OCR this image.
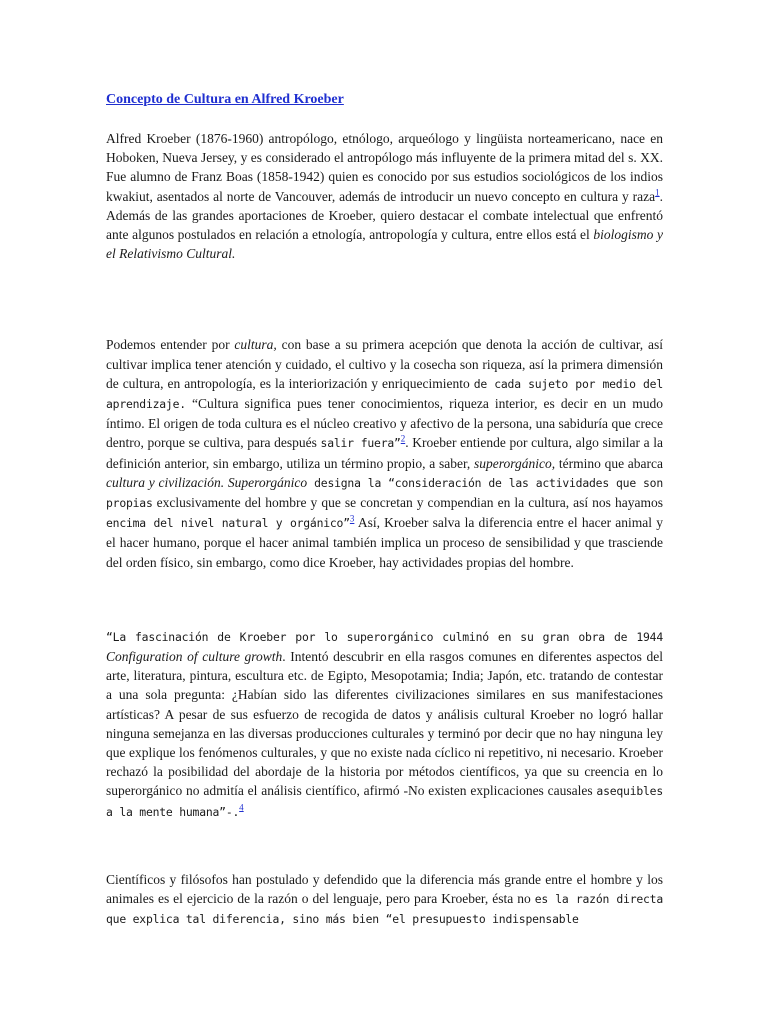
Concepto de Cultura en Alfred Kroeber

Alfred Kroeber (1876-1960) antropólogo, etnólogo, arqueólogo y lingüista norteamericano, nace en Hoboken, Nueva Jersey, y es considerado el antropólogo más influyente de la primera mitad del s. XX. Fue alumno de Franz Boas (1858-1942) quien es conocido por sus estudios sociológicos de los indios kwakiut, asentados al norte de Vancouver, además de introducir un nuevo concepto en cultura y raza$^1$. Además de las grandes aportaciones de Kroeber, quiero destacar el combate intelectual que enfrentó ante algunos postulados en relación a etnología, antropología y cultura, entre ellos está el biologismo y el Relativismo Cultural.

Podemos entender por cultura, con base a su primera acepción que denota la acción de cultivar, así cultivar implica tener atención y cuidado, el cultivo y la cosecha son riqueza, así la primera dimensión de cultura, en antropología, es la interiorización y enriquecimiento de cada sujeto por medio del aprendizaje. “Cultura significa pues tener conocimientos, riqueza interior, es decir en un mudo íntimo. El origen de toda cultura es el núcleo creativo y afectivo de la persona, una sabiduría que crece dentro, porque se cultiva, para después salir fuera”$^2$. Kroeber entiende por cultura, algo similar a la definición anterior, sin embargo, utiliza un término propio, a saber, superorgánico, término que abarca cultura y civilización. Superorgánico designa la “consideración de las actividades que son propias exclusivamente del hombre y que se concretan y compendian en la cultura, así nos hayamos encima del nivel natural y orgánico”$^3$ Así, Kroeber salva la diferencia entre el hacer animal y el hacer humano, porque el hacer animal también implica un proceso de sensibilidad y que trasciende del orden físico, sin embargo, como dice Kroeber, hay actividades propias del hombre.

“La fascinación de Kroeber por lo superorgánico culminó en su gran obra de 1944 Configuration of culture growth. Intentó descubrir en ella rasgos comunes en diferentes aspectos del arte, literatura, pintura, escultura etc. de Egipto, Mesopotamia; India; Japón, etc. tratando de contestar a una sola pregunta: ¿Habían sido las diferentes civilizaciones similares en sus manifestaciones artísticas? A pesar de sus esfuerzo de recogida de datos y análisis cultural Kroeber no logró hallar ninguna semejanza en las diversas producciones culturales y terminó por decir que no hay ninguna ley que explique los fenómenos culturales, y que no existe nada cíclico ni repetitivo, ni necesario. Kroeber rechazó la posibilidad del abordaje de la historia por métodos científicos, ya que su creencia en lo superorgánico no admitía el análisis científico, afirmó -No existen explicaciones causales asequibles a la mente humana”-.$^4$

Científicos y filósofos han postulado y defendido que la diferencia más grande entre el hombre y los animales es el ejercicio de la razón o del lenguaje, pero para Kroeber, ésta no es la razón directa que explica tal diferencia, sino más bien “el presupuesto indispensable
